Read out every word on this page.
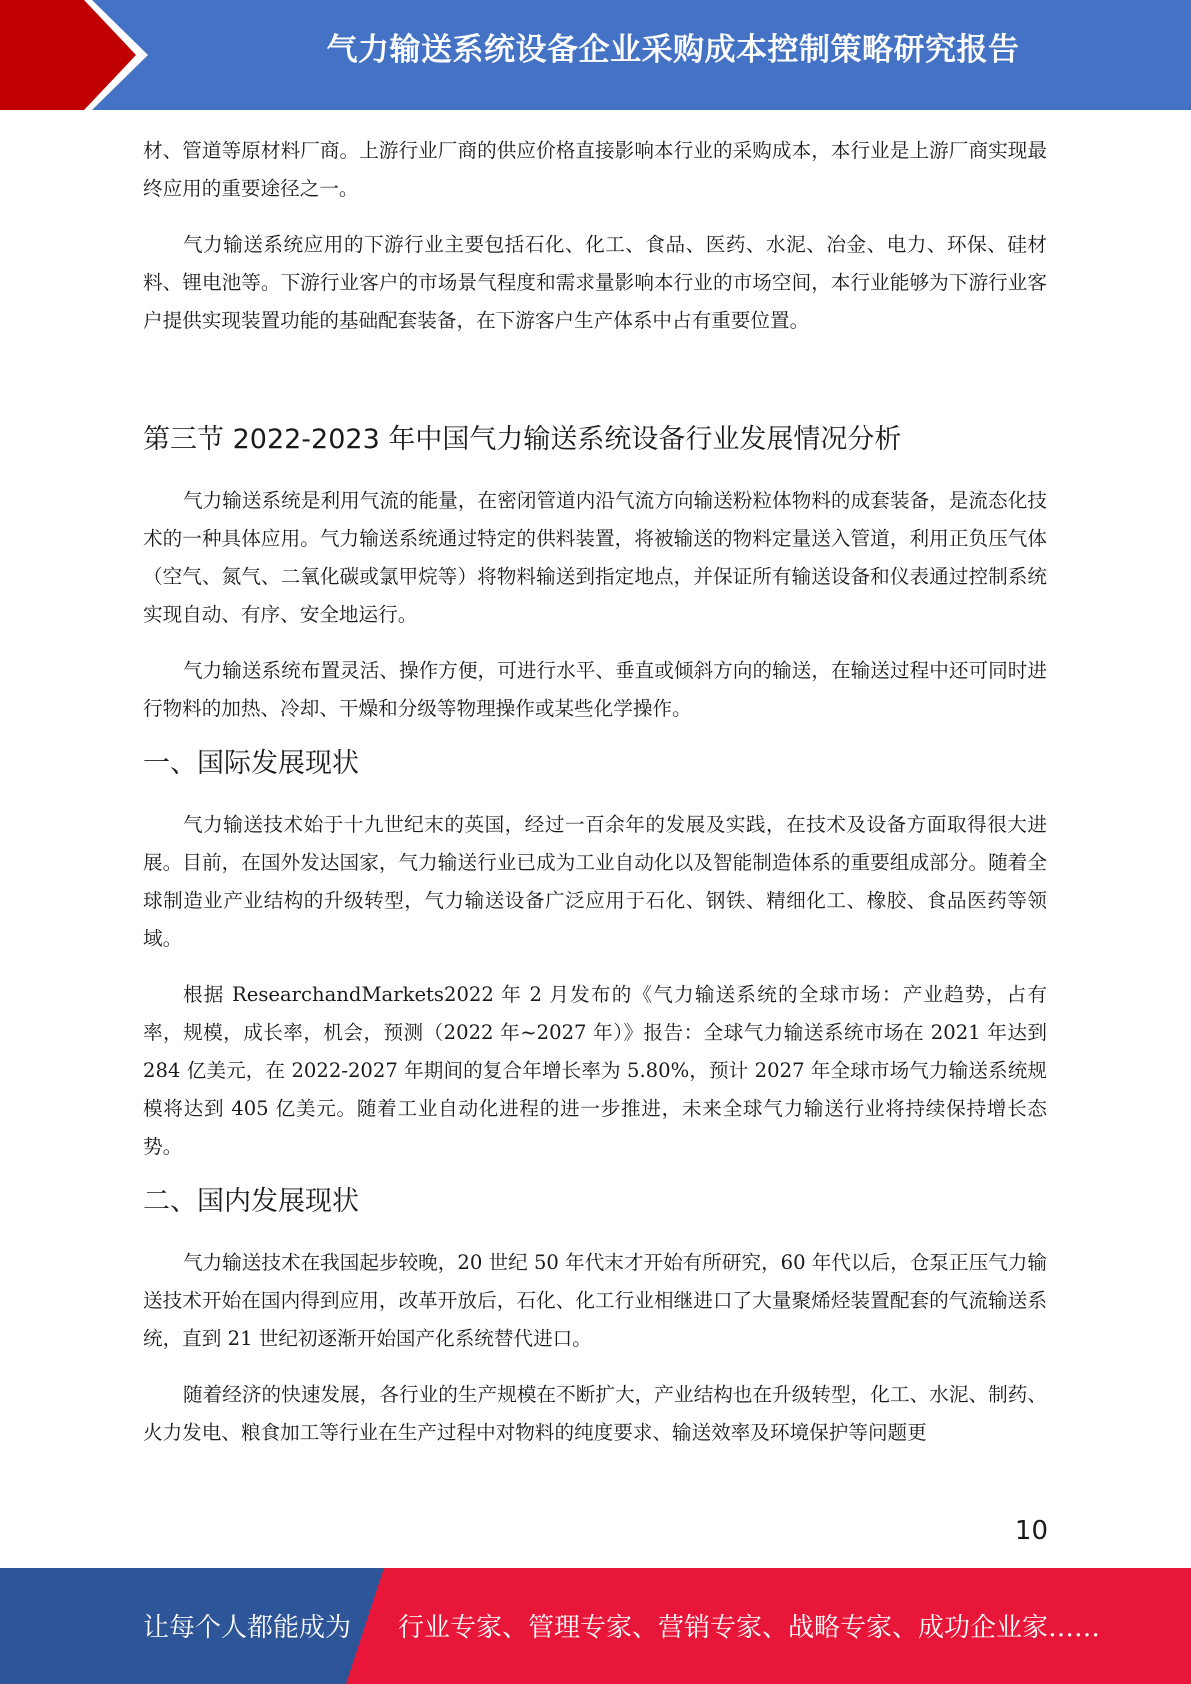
气力输送系统设备企业采购成本控制策略研究报告

材、管道等原材料厂商。上游行业厂商的供应价格直接影响本行业的采购成本，本行业是上游厂商实现最终应用的重要途径之一。

气力输送系统应用的下游行业主要包括石化、化工、食品、医药、水泥、冶金、电力、环保、硅材料、锂电池等。下游行业客户的市场景气程度和需求量影响本行业的市场空间，本行业能够为下游行业客户提供实现装置功能的基础配套装备，在下游客户生产体系中占有重要位置。

第三节 2022-2023 年中国气力输送系统设备行业发展情况分析

气力输送系统是利用气流的能量，在密闭管道内沿气流方向输送粉粒体物料的成套装备，是流态化技术的一种具体应用。气力输送系统通过特定的供料装置，将被输送的物料定量送入管道，利用正负压气体（空气、氮气、二氧化碳或氯甲烷等）将物料输送到指定地点，并保证所有输送设备和仪表通过控制系统实现自动、有序、安全地运行。

气力输送系统布置灵活、操作方便，可进行水平、垂直或倾斜方向的输送，在输送过程中还可同时进行物料的加热、冷却、干燥和分级等物理操作或某些化学操作。

一、国际发展现状

气力输送技术始于十九世纪末的英国，经过一百余年的发展及实践，在技术及设备方面取得很大进展。目前，在国外发达国家，气力输送行业已成为工业自动化以及智能制造体系的重要组成部分。随着全球制造业产业结构的升级转型，气力输送设备广泛应用于石化、钢铁、精细化工、橡胶、食品医药等领域。

根据 ResearchandMarkets2022 年 2 月发布的《气力输送系统的全球市场：产业趋势，占有率，规模，成长率，机会，预测（2022 年~2027 年）》报告：全球气力输送系统市场在 2021 年达到 284 亿美元，在 2022-2027 年期间的复合年增长率为 5.80%，预计 2027 年全球市场气力输送系统规模将达到 405 亿美元。随着工业自动化进程的进一步推进，未来全球气力输送行业将持续保持增长态势。

二、国内发展现状

气力输送技术在我国起步较晚，20 世纪 50 年代末才开始有所研究，60 年代以后，仓泵正压气力输送技术开始在国内得到应用，改革开放后，石化、化工行业相继进口了大量聚烯烃装置配套的气流输送系统，直到 21 世纪初逐渐开始国产化系统替代进口。

随着经济的快速发展，各行业的生产规模在不断扩大，产业结构也在升级转型，化工、水泥、制药、火力发电、粮食加工等行业在生产过程中对物料的纯度要求、输送效率及环境保护等问题更

10
让每个人都能成为 行业专家、管理专家、营销专家、战略专家、成功企业家……
